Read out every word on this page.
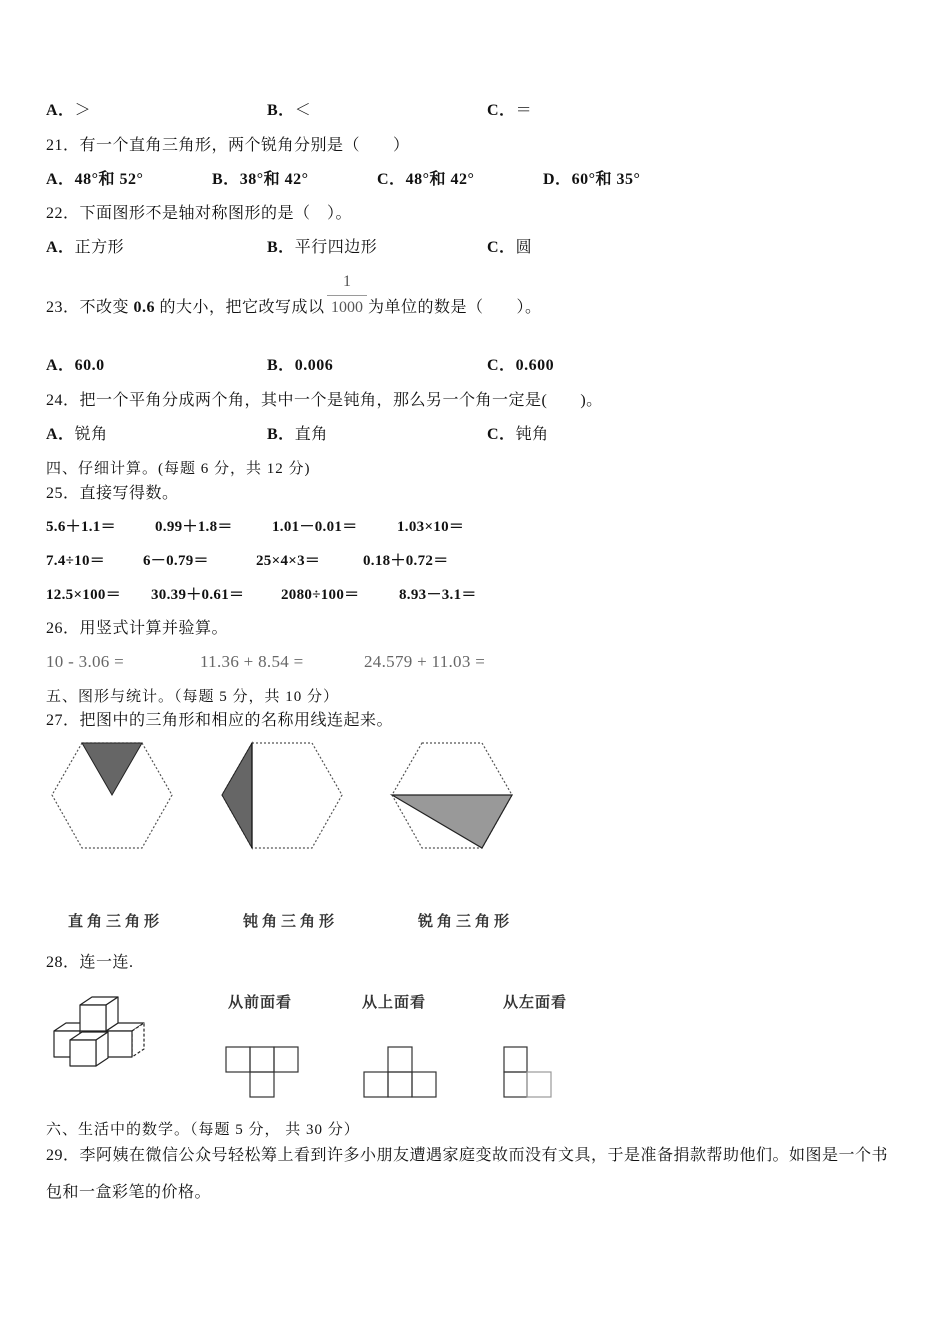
A．＞	B．＜	C．＝
21．有一个直角三角形，两个锐角分别是（　　）
A．48°和 52°	B．38°和 42°	C．48°和 42°	D．60°和 35°
22．下面图形不是轴对称图形的是（　）。
A．正方形	B．平行四边形	C．圆
23．不改变 0.6 的大小，把它改写成以
1
1000 为单位的数是（　　）。
A．60.0	B．0.006	C．0.600
24．把一个平角分成两个角，其中一个是钝角，那么另一个角一定是(　　)。
A．锐角	B．直角	C．钝角
四、仔细计算。(每题 6 分，共 12 分)
25．直接写得数。
5.6＋1.1＝	0.99＋1.8＝	1.01－0.01＝	1.03×10＝
7.4÷10＝	6－0.79＝	25×4×3＝	0.18＋0.72＝
12.5×100＝ 30.39＋0.61＝ 2080÷100＝	8.93－3.1＝
26．用竖式计算并验算。
10 - 3.06 =	11.36 + 8.54 =	24.579 + 11.03 =
五、图形与统计。（每题 5 分，共 10 分）
27．把图中的三角形和相应的名称用线连起来。
直角三角形	钝角三角形	锐角三角形
28．连一连.
从前面看	从上面看	从左面看
六、生活中的数学。（每题 5 分， 共 30 分）
29．李阿姨在微信公众号轻松筹上看到许多小朋友遭遇家庭变故而没有文具，于是准备捐款帮助他们。如图是一个书
包和一盒彩笔的价格。
